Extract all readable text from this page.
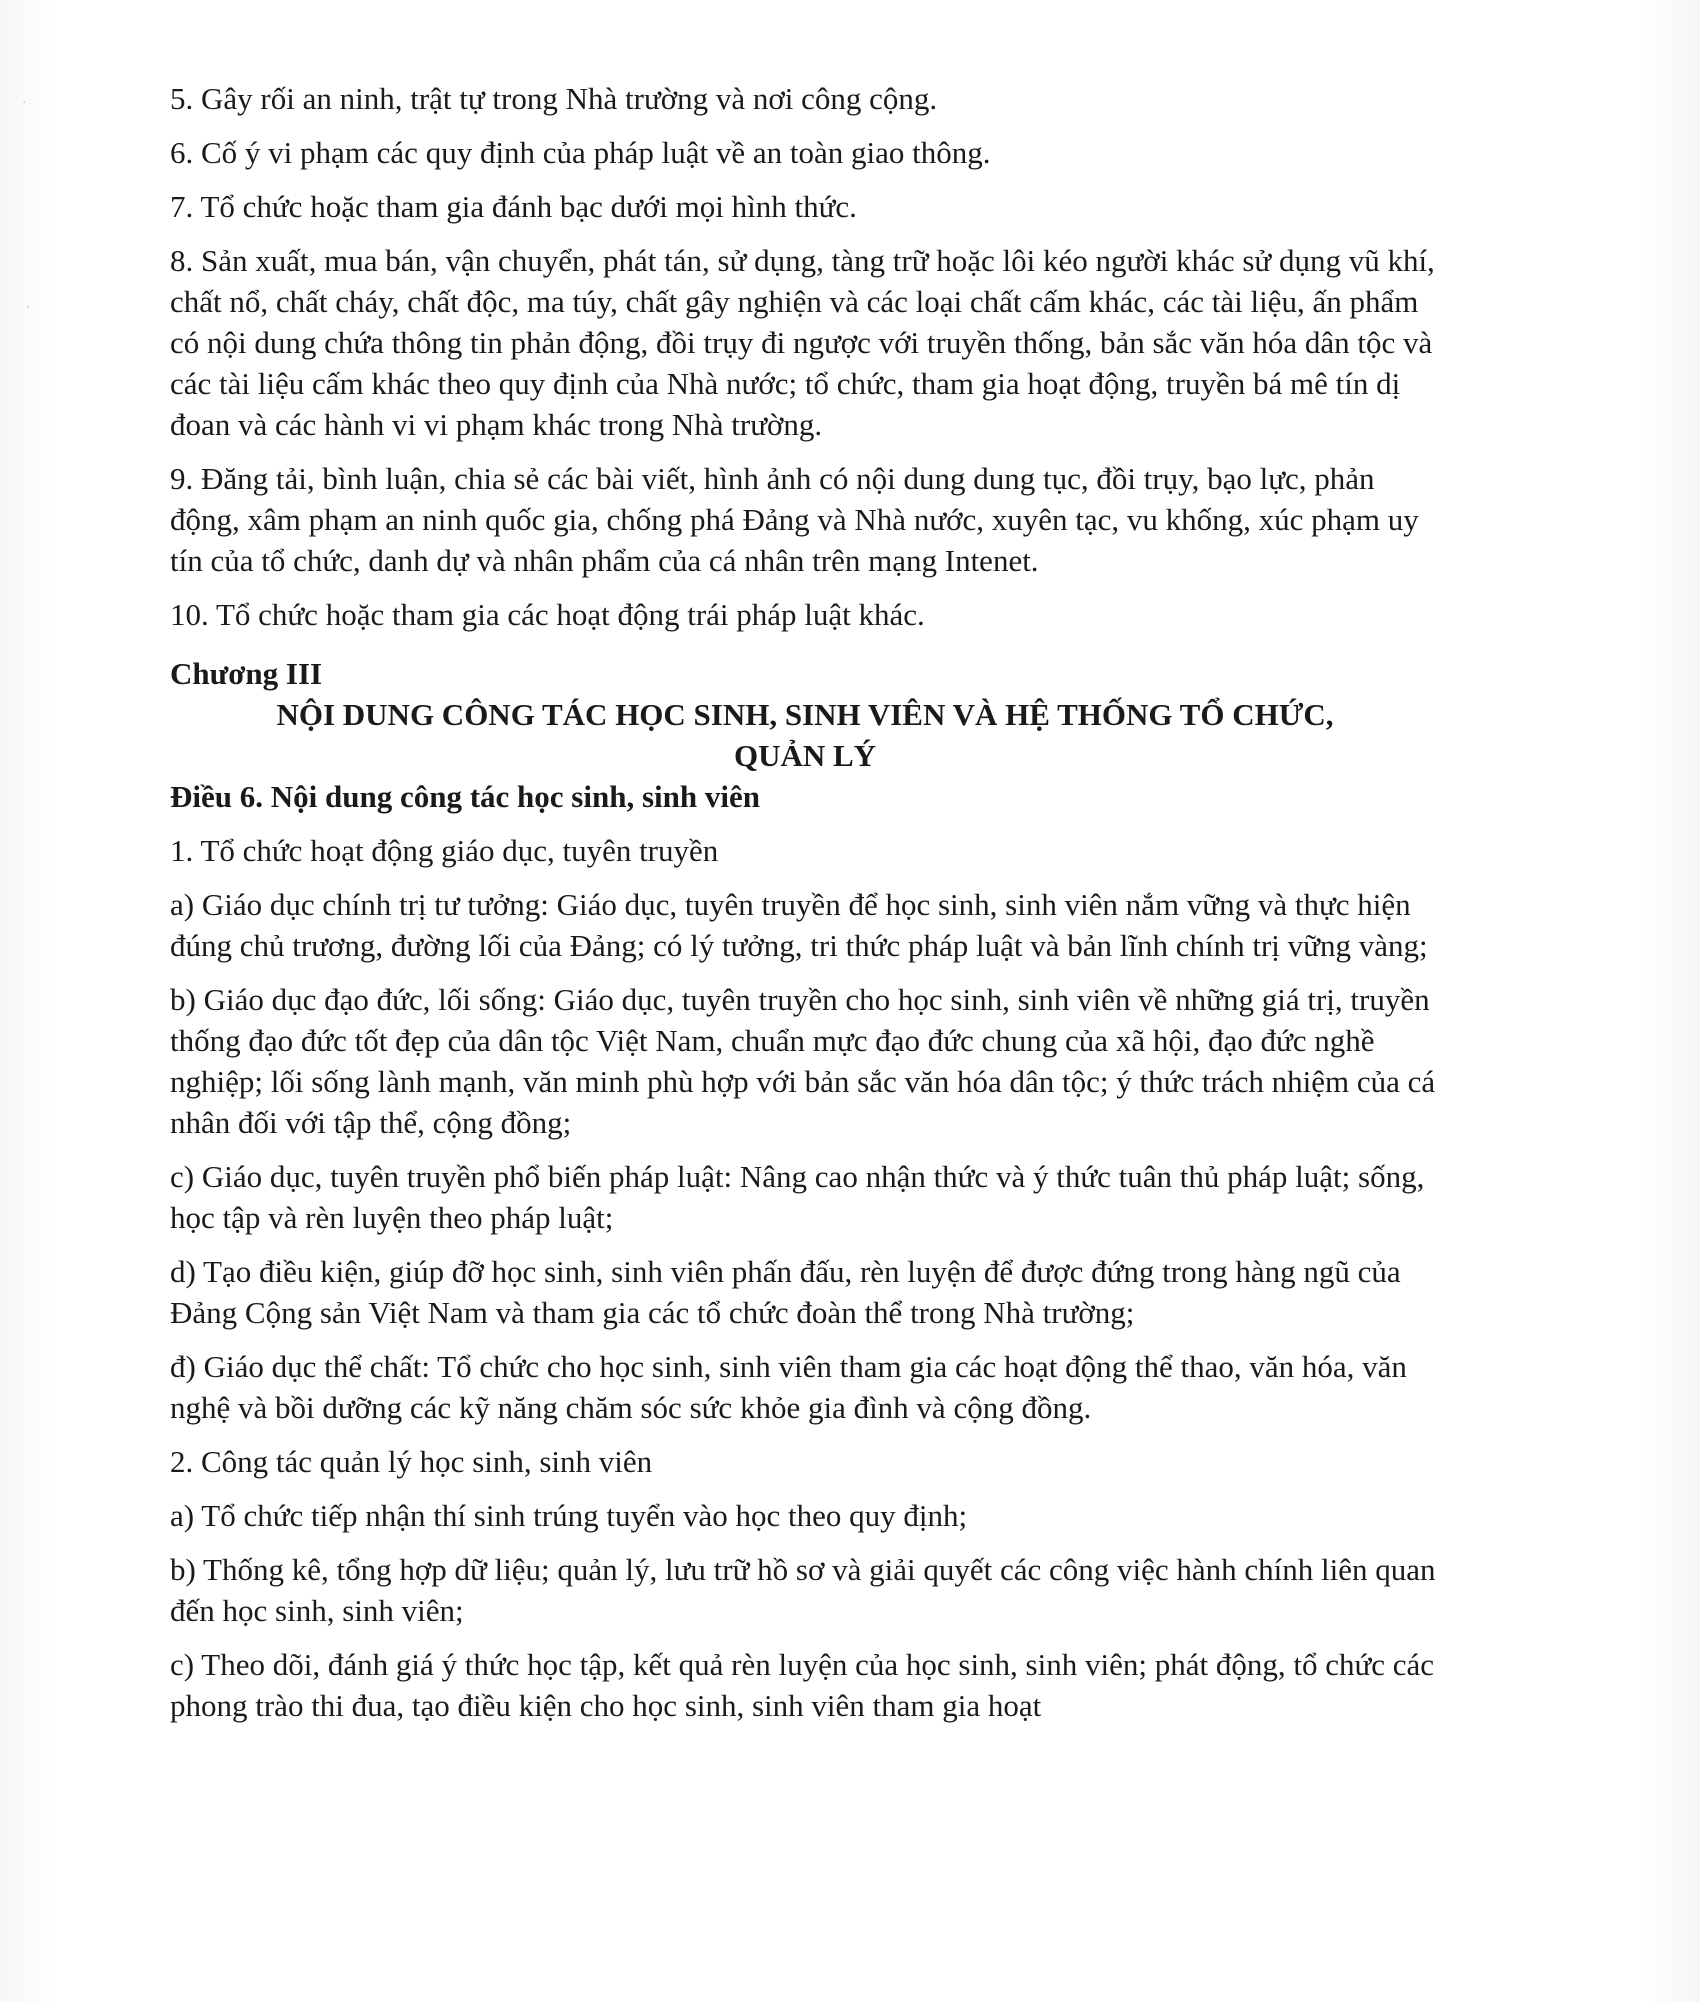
·
·

5. Gây rối an ninh, trật tự trong Nhà trường và nơi công cộng.

6. Cố ý vi phạm các quy định của pháp luật về an toàn giao thông.

7. Tổ chức hoặc tham gia đánh bạc dưới mọi hình thức.

8. Sản xuất, mua bán, vận chuyển, phát tán, sử dụng, tàng trữ hoặc lôi kéo người khác sử dụng vũ khí, chất nổ, chất cháy, chất độc, ma túy, chất gây nghiện và các loại chất cấm khác, các tài liệu, ấn phẩm có nội dung chứa thông tin phản động, đồi trụy đi ngược với truyền thống, bản sắc văn hóa dân tộc và các tài liệu cấm khác theo quy định của Nhà nước; tổ chức, tham gia hoạt động, truyền bá mê tín dị đoan và các hành vi vi phạm khác trong Nhà trường.

9. Đăng tải, bình luận, chia sẻ các bài viết, hình ảnh có nội dung dung tục, đồi trụy, bạo lực, phản động, xâm phạm an ninh quốc gia, chống phá Đảng và Nhà nước, xuyên tạc, vu khống, xúc phạm uy tín của tổ chức, danh dự và nhân phẩm của cá nhân trên mạng Intenet.

10. Tổ chức hoặc tham gia các hoạt động trái pháp luật khác.

Chương III

NỘI DUNG CÔNG TÁC HỌC SINH, SINH VIÊN VÀ HỆ THỐNG TỔ CHỨC,

QUẢN LÝ

Điều 6. Nội dung công tác học sinh, sinh viên

1. Tổ chức hoạt động giáo dục, tuyên truyền

a) Giáo dục chính trị tư tưởng: Giáo dục, tuyên truyền để học sinh, sinh viên nắm vững và thực hiện đúng chủ trương, đường lối của Đảng; có lý tưởng, tri thức pháp luật và bản lĩnh chính trị vững vàng;

b) Giáo dục đạo đức, lối sống: Giáo dục, tuyên truyền cho học sinh, sinh viên về những giá trị, truyền thống đạo đức tốt đẹp của dân tộc Việt Nam, chuẩn mực đạo đức chung của xã hội, đạo đức nghề nghiệp; lối sống lành mạnh, văn minh phù hợp với bản sắc văn hóa dân tộc; ý thức trách nhiệm của cá nhân đối với tập thể, cộng đồng;

c) Giáo dục, tuyên truyền phổ biến pháp luật: Nâng cao nhận thức và ý thức tuân thủ pháp luật; sống, học tập và rèn luyện theo pháp luật;

d) Tạo điều kiện, giúp đỡ học sinh, sinh viên phấn đấu, rèn luyện để được đứng trong hàng ngũ của Đảng Cộng sản Việt Nam và tham gia các tổ chức đoàn thể trong Nhà trường;

đ) Giáo dục thể chất: Tổ chức cho học sinh, sinh viên tham gia các hoạt động thể thao, văn hóa, văn nghệ và bồi dưỡng các kỹ năng chăm sóc sức khỏe gia đình và cộng đồng.

2. Công tác quản lý học sinh, sinh viên

a) Tổ chức tiếp nhận thí sinh trúng tuyển vào học theo quy định;

b) Thống kê, tổng hợp dữ liệu; quản lý, lưu trữ hồ sơ và giải quyết các công việc hành chính liên quan đến học sinh, sinh viên;

c) Theo dõi, đánh giá ý thức học tập, kết quả rèn luyện của học sinh, sinh viên; phát động, tổ chức các phong trào thi đua, tạo điều kiện cho học sinh, sinh viên tham gia hoạt
